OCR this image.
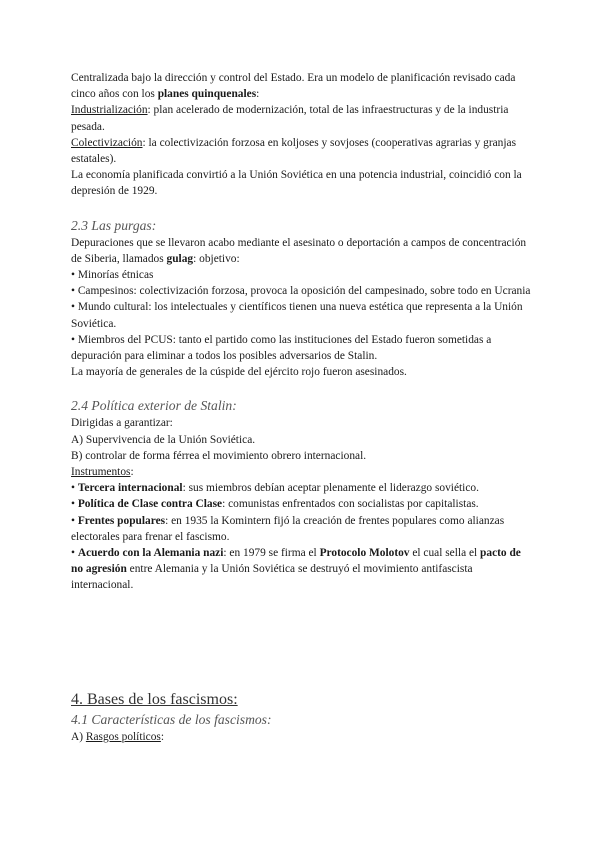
Centralizada bajo la dirección y control del Estado. Era un modelo de planificación revisado cada cinco años con los planes quinquenales:

Industrialización: plan acelerado de modernización, total de las infraestructuras y de la industria pesada.

Colectivización: la colectivización forzosa en koljoses y sovjoses (cooperativas agrarias y granjas estatales).

La economía planificada convirtió a la Unión Soviética en una potencia industrial, coincidió con la depresión de 1929.

2.3 Las purgas:

Depuraciones que se llevaron acabo mediante el asesinato o deportación a campos de concentración de Siberia, llamados gulag: objetivo:

• Minorías étnicas

• Campesinos: colectivización forzosa, provoca la oposición del campesinado, sobre todo en Ucrania

• Mundo cultural: los intelectuales y científicos tienen una nueva estética que representa a la Unión Soviética.

• Miembros del PCUS: tanto el partido como las instituciones del Estado fueron sometidas a depuración para eliminar a todos los posibles adversarios de Stalin.

La mayoría de generales de la cúspide del ejército rojo fueron asesinados.

2.4 Política exterior de Stalin:

Dirigidas a garantizar:

A) Supervivencia de la Unión Soviética.

B) controlar de forma férrea el movimiento obrero internacional.

Instrumentos:

• Tercera internacional: sus miembros debían aceptar plenamente el liderazgo soviético.

• Política de Clase contra Clase: comunistas enfrentados con socialistas por capitalistas.

• Frentes populares: en 1935 la Komintern fijó la creación de frentes populares como alianzas electorales para frenar el fascismo.

• Acuerdo con la Alemania nazi: en 1979 se firma el Protocolo Molotov el cual sella el pacto de no agresión entre Alemania y la Unión Soviética se destruyó el movimiento antifascista internacional.

4. Bases de los fascismos:

4.1 Características de los fascismos:

A) Rasgos políticos:
